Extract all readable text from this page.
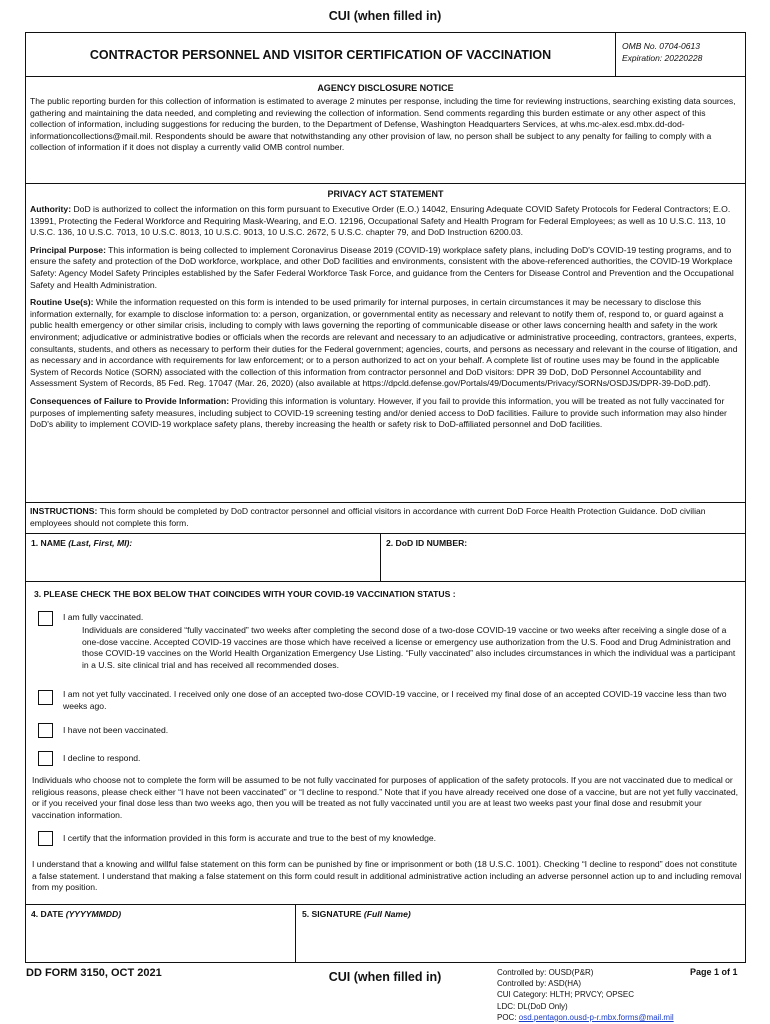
CUI (when filled in)
CONTRACTOR PERSONNEL AND VISITOR CERTIFICATION OF VACCINATION
OMB No. 0704-0613
Expiration: 20220228
AGENCY DISCLOSURE NOTICE

The public reporting burden for this collection of information is estimated to average 2 minutes per response, including the time for reviewing instructions, searching existing data sources, gathering and maintaining the data needed, and completing and reviewing the collection of information. Send comments regarding this burden estimate or any other aspect of this collection of information, including suggestions for reducing the burden, to the Department of Defense, Washington Headquarters Services, at whs.mc-alex.esd.mbx.dd-dod-informationcollections@mail.mil. Respondents should be aware that notwithstanding any other provision of law, no person shall be subject to any penalty for failing to comply with a collection of information if it does not display a currently valid OMB control number.

PRIVACY ACT STATEMENT

Authority: DoD is authorized to collect the information on this form pursuant to Executive Order (E.O.) 14042, Ensuring Adequate COVID Safety Protocols for Federal Contractors; E.O. 13991, Protecting the Federal Workforce and Requiring Mask-Wearing, and E.O. 12196, Occupational Safety and Health Program for Federal Employees; as well as 10 U.S.C. 113, 10 U.S.C. 136, 10 U.S.C. 7013, 10 U.S.C. 8013, 10 U.S.C. 9013, 10 U.S.C. 2672, 5 U.S.C. chapter 79, and DoD Instruction 6200.03.

Principal Purpose: This information is being collected to implement Coronavirus Disease 2019 (COVID-19) workplace safety plans, including DoD's COVID-19 testing programs, and to ensure the safety and protection of the DoD workforce, workplace, and other DoD facilities and environments, consistent with the above-referenced authorities, the COVID-19 Workplace Safety: Agency Model Safety Principles established by the Safer Federal Workforce Task Force, and guidance from the Centers for Disease Control and Prevention and the Occupational Safety and Health Administration.

Routine Use(s): While the information requested on this form is intended to be used primarily for internal purposes, in certain circumstances it may be necessary to disclose this information externally, for example to disclose information to: a person, organization, or governmental entity as necessary and relevant to notify them of, respond to, or guard against a public health emergency or other similar crisis, including to comply with laws governing the reporting of communicable disease or other laws concerning health and safety in the work environment; adjudicative or administrative bodies or officials when the records are relevant and necessary to an adjudicative or administrative proceeding, contractors, grantees, experts, consultants, students, and others as necessary to perform their duties for the Federal government; agencies, courts, and persons as necessary and relevant in the course of litigation, and as necessary and in accordance with requirements for law enforcement; or to a person authorized to act on your behalf. A complete list of routine uses may be found in the applicable System of Records Notice (SORN) associated with the collection of this information from contractor personnel and DoD visitors: DPR 39 DoD, DoD Personnel Accountability and Assessment System of Records, 85 Fed. Reg. 17047 (Mar. 26, 2020) (also available at https://dpcld.defense.gov/Portals/49/Documents/Privacy/SORNs/OSDJS/DPR-39-DoD.pdf).

Consequences of Failure to Provide Information: Providing this information is voluntary. However, if you fail to provide this information, you will be treated as not fully vaccinated for purposes of implementing safety measures, including subject to COVID-19 screening testing and/or denied access to DoD facilities. Failure to provide such information may also hinder DoD's ability to implement COVID-19 workplace safety plans, thereby increasing the health or safety risk to DoD-affiliated personnel and DoD facilities.

INSTRUCTIONS: This form should be completed by DoD contractor personnel and official visitors in accordance with current DoD Force Health Protection Guidance. DoD civilian employees should not complete this form.

1. NAME (Last, First, MI):	2. DoD ID NUMBER:
3. PLEASE CHECK THE BOX BELOW THAT COINCIDES WITH YOUR COVID-19 VACCINATION STATUS :
I am fully vaccinated.
Individuals are considered “fully vaccinated” two weeks after completing the second dose of a two-dose COVID-19 vaccine or two weeks after receiving a single dose of a one-dose vaccine. Accepted COVID-19 vaccines are those which have received a license or emergency use authorization from the U.S. Food and Drug Administration and those COVID-19 vaccines on the World Health Organization Emergency Use Listing. “Fully vaccinated” also includes circumstances in which the individual was a participant in a U.S. site clinical trial and has received all recommended doses.
I am not yet fully vaccinated. I received only one dose of an accepted two-dose COVID-19 vaccine, or I received my final dose of an accepted COVID-19 vaccine less than two weeks ago.
I have not been vaccinated.
I decline to respond.
Individuals who choose not to complete the form will be assumed to be not fully vaccinated for purposes of application of the safety protocols. If you are not vaccinated due to medical or religious reasons, please check either “I have not been vaccinated” or “I decline to respond.” Note that if you have already received one dose of a vaccine, but are not yet fully vaccinated, or if you received your final dose less than two weeks ago, then you will be treated as not fully vaccinated until you are at least two weeks past your final dose and resubmit your vaccination information.
I certify that the information provided in this form is accurate and true to the best of my knowledge.
I understand that a knowing and willful false statement on this form can be punished by fine or imprisonment or both (18 U.S.C. 1001). Checking “I decline to respond” does not constitute a false statement. I understand that making a false statement on this form could result in additional administrative action including an adverse personnel action up to and including removal from my position.
4. DATE (YYYYMMDD)	5. SIGNATURE (Full Name)
DD FORM 3150, OCT 2021	CUI (when filled in)	Controlled by: OUSD(P&R)
Controlled by: ASD(HA)
CUI Category: HLTH; PRVCY; OPSEC
LDC: DL(DoD Only)
POC: osd.pentagon.ousd-p-r.mbx.forms@mail.mil
Page 1 of 1
